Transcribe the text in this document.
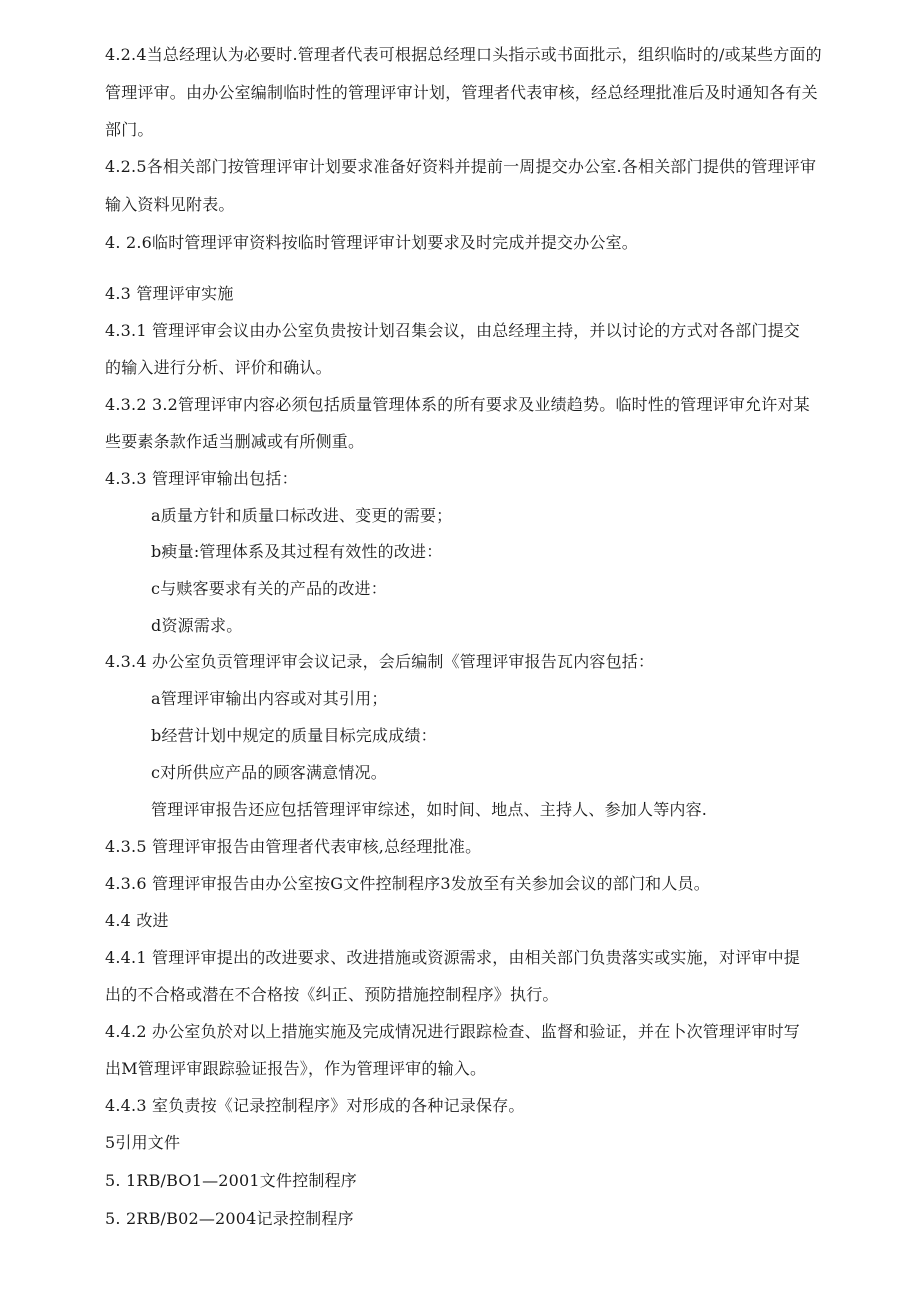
4.2.4当总经理认为必要时.管理者代表可根据总经理口头指示或书面批示，组织临时的/或某些方面的
管理评审。由办公室编制临时性的管理评审计划，管理者代表审核，经总经理批准后及时通知各有关
部门。
4.2.5各相关部门按管理评审计划要求准备好资料并提前一周提交办公室.各相关部门提供的管理评审
输入资料见附表。
4. 2.6临时管理评审资料按临时管理评审计划要求及时完成并提交办公室。
4.3 管理评审实施
4.3.1 管理评审会议由办公室负贵按计划召集会议，由总经理主持，并以讨论的方式对各部门提交
的输入进行分析、评价和确认。
4.3.2 3.2管理评审内容必须包括质量管理体系的所有要求及业绩趋势。临时性的管理评审允许对某
些要素条款作适当删减或有所侧重。
4.3.3 管理评审输出包括：
a质量方针和质量口标改进、变更的需要；
b瘐量:管理体系及其过程有效性的改进：
c与赎客要求有关的产品的改进：
d资源需求。
4.3.4 办公室负贡管理评审会议记录，会后编制《管理评审报告瓦内容包括：
a管理评审输出内容或对其引用；
b经营计划中规定的质量目标完成成绩：
c对所供应产品的顾客满意情况。
管理评审报告还应包括管理评审综述，如时间、地点、主持人、参加人等内容.
4.3.5 管理评审报告由管理者代表审核,总经理批准。
4.3.6 管理评审报告由办公室按G文件控制程序3发放至有关参加会议的部门和人员。
4.4 改进
4.4.1 管理评审提出的改进要求、改进措施或资源需求，由相关部门负贵落实或实施，对评审中提
出的不合格或潜在不合格按《纠正、预防措施控制程序》执行。
4.4.2 办公室负於对以上措施实施及完成情况进行跟踪检查、监督和验证，并在卜次管理评审时写
出M管理评审跟踪验证报告》，作为管理评审的输入。
4.4.3 室负责按《记录控制程序》对形成的各种记录保存。
5引用文件
5. 1RB/BO1—2001文件控制程序
5. 2RB/B02—2004记录控制程序
